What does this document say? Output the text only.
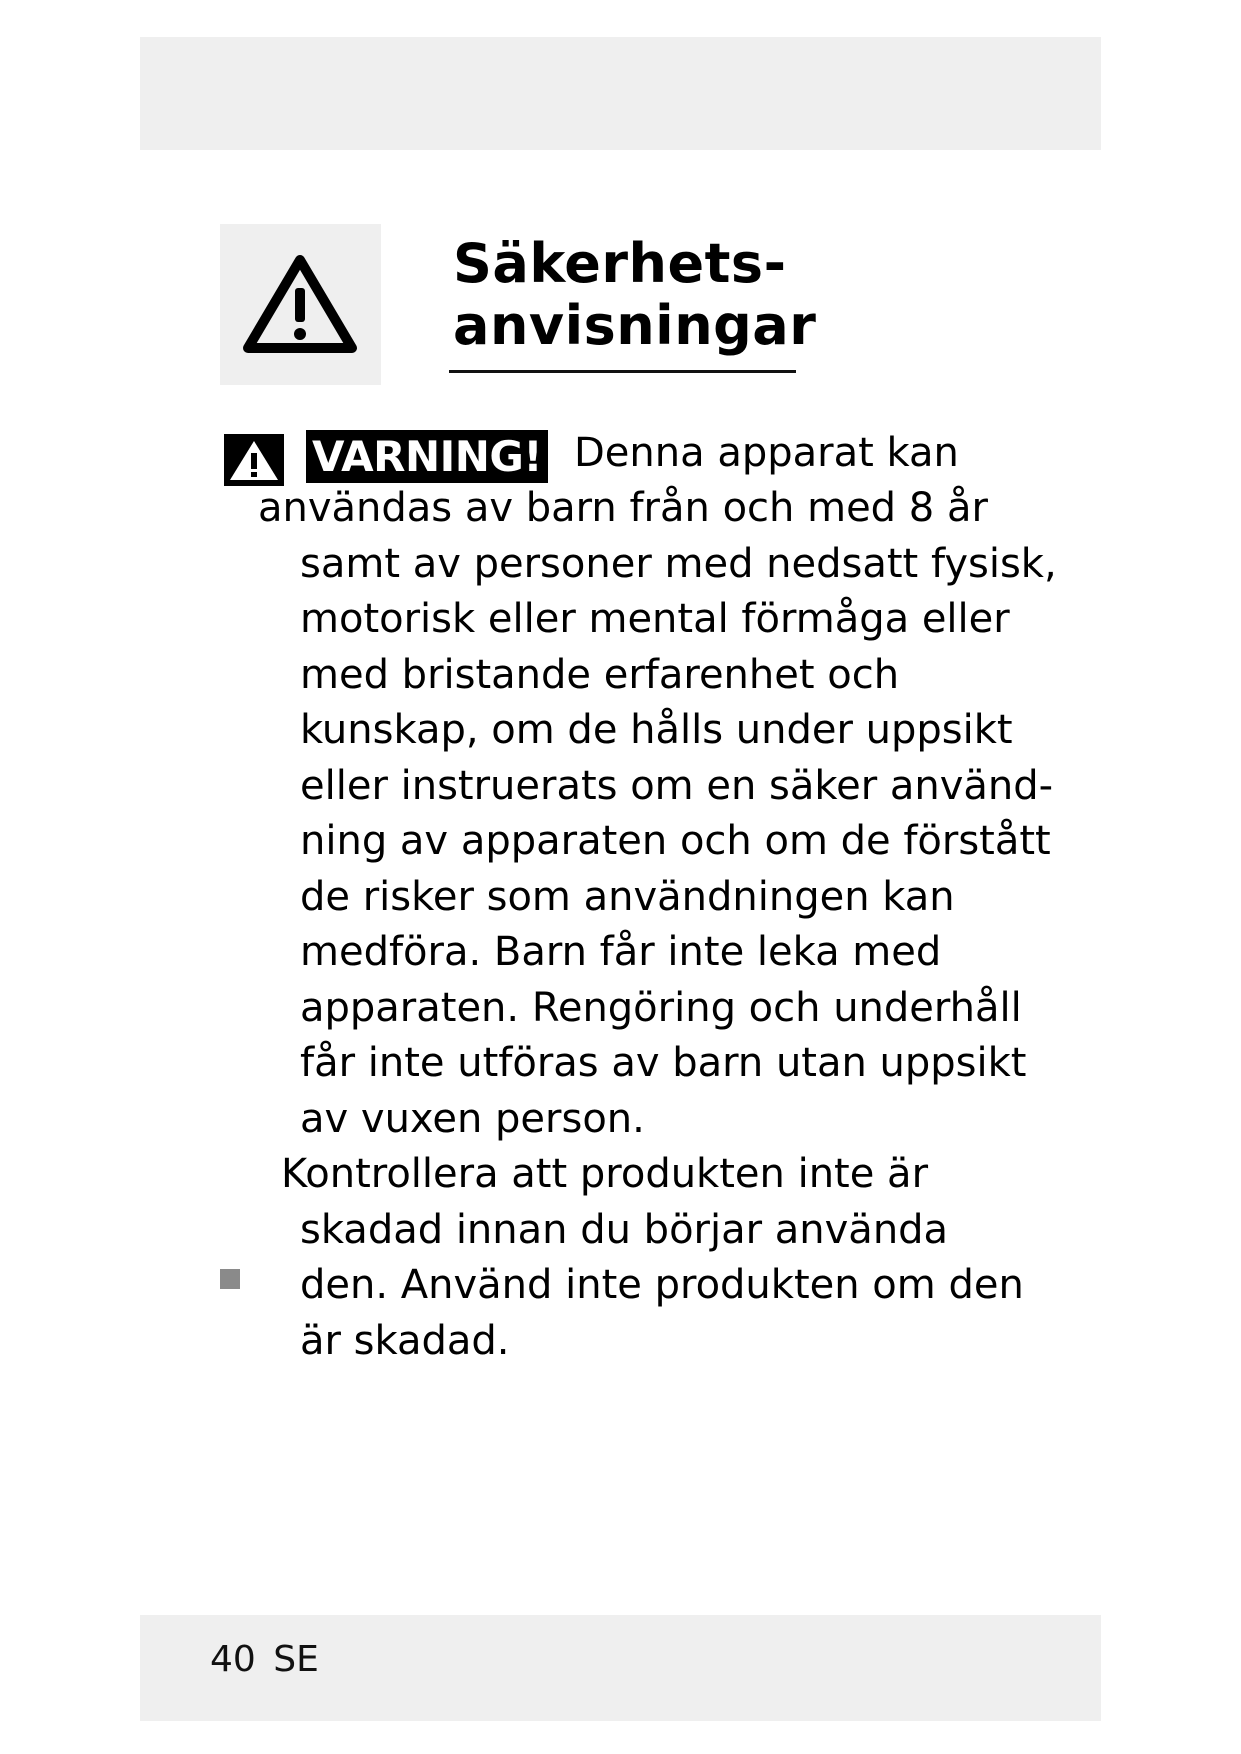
Säkerhets-
anvisningar
VARNING! Denna apparat kan
användas av barn från och med 8 år
samt av personer med nedsatt fysisk,
motorisk eller mental förmåga eller
med bristande erfarenhet och
kunskap, om de hålls under uppsikt
eller instruerats om en säker använd-
ning av apparaten och om de förstått
de risker som användningen kan
medföra. Barn får inte leka med
apparaten. Rengöring och underhåll
får inte utföras av barn utan uppsikt
av vuxen person.
Kontrollera att produkten inte är
skadad innan du börjar använda
den. Använd inte produkten om den
är skadad.
40 SE
